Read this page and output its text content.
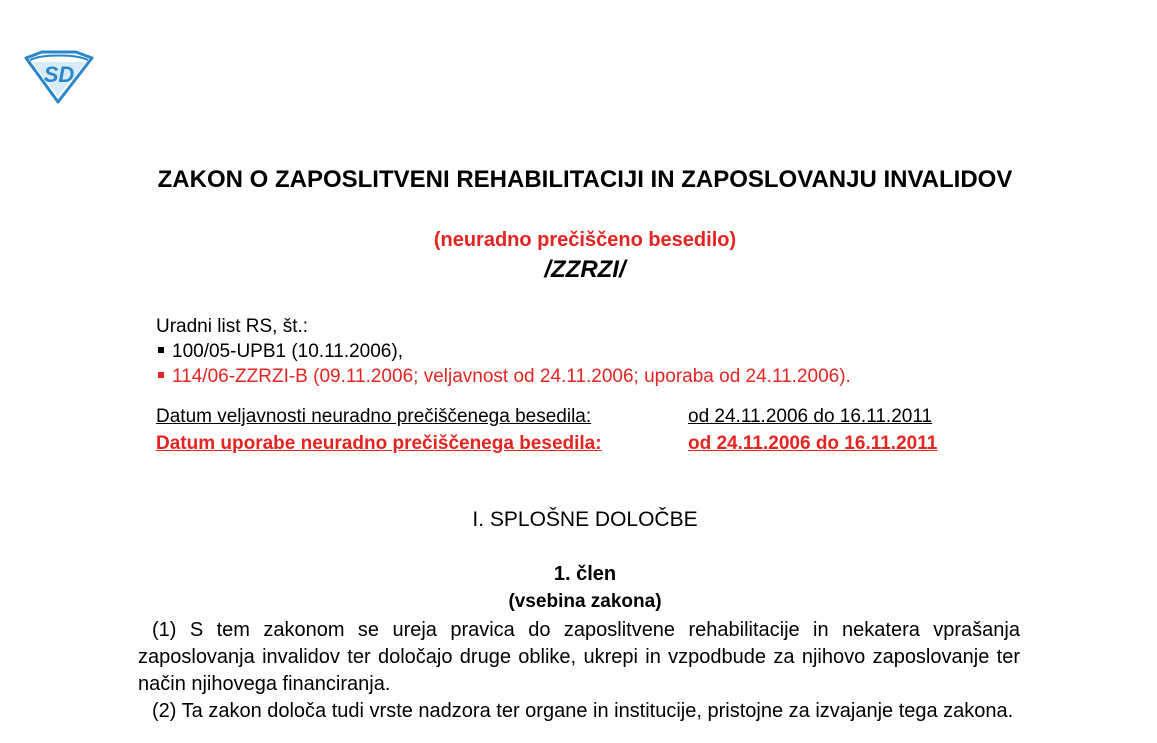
SD
ZAKON O ZAPOSLITVENI REHABILITACIJI IN ZAPOSLOVANJU INVALIDOV
(neuradno prečiščeno besedilo)
/ZZRZI/
Uradni list RS, št.:
100/05-UPB1 (10.11.2006),
114/06-ZZRZI-B (09.11.2006; veljavnost od 24.11.2006; uporaba od 24.11.2006).
Datum veljavnosti neuradno prečiščenega besedila:	od 24.11.2006 do 16.11.2011
Datum uporabe neuradno prečiščenega besedila:	od 24.11.2006 do 16.11.2011
I. SPLOŠNE DOLOČBE
1. člen
(vsebina zakona)

(1) S tem zakonom se ureja pravica do zaposlitvene rehabilitacije in nekatera vprašanja zaposlovanja invalidov ter določajo druge oblike, ukrepi in vzpodbude za njihovo zaposlovanje ter način njihovega financiranja.

(2) Ta zakon določa tudi vrste nadzora ter organe in institucije, pristojne za izvajanje tega zakona.
